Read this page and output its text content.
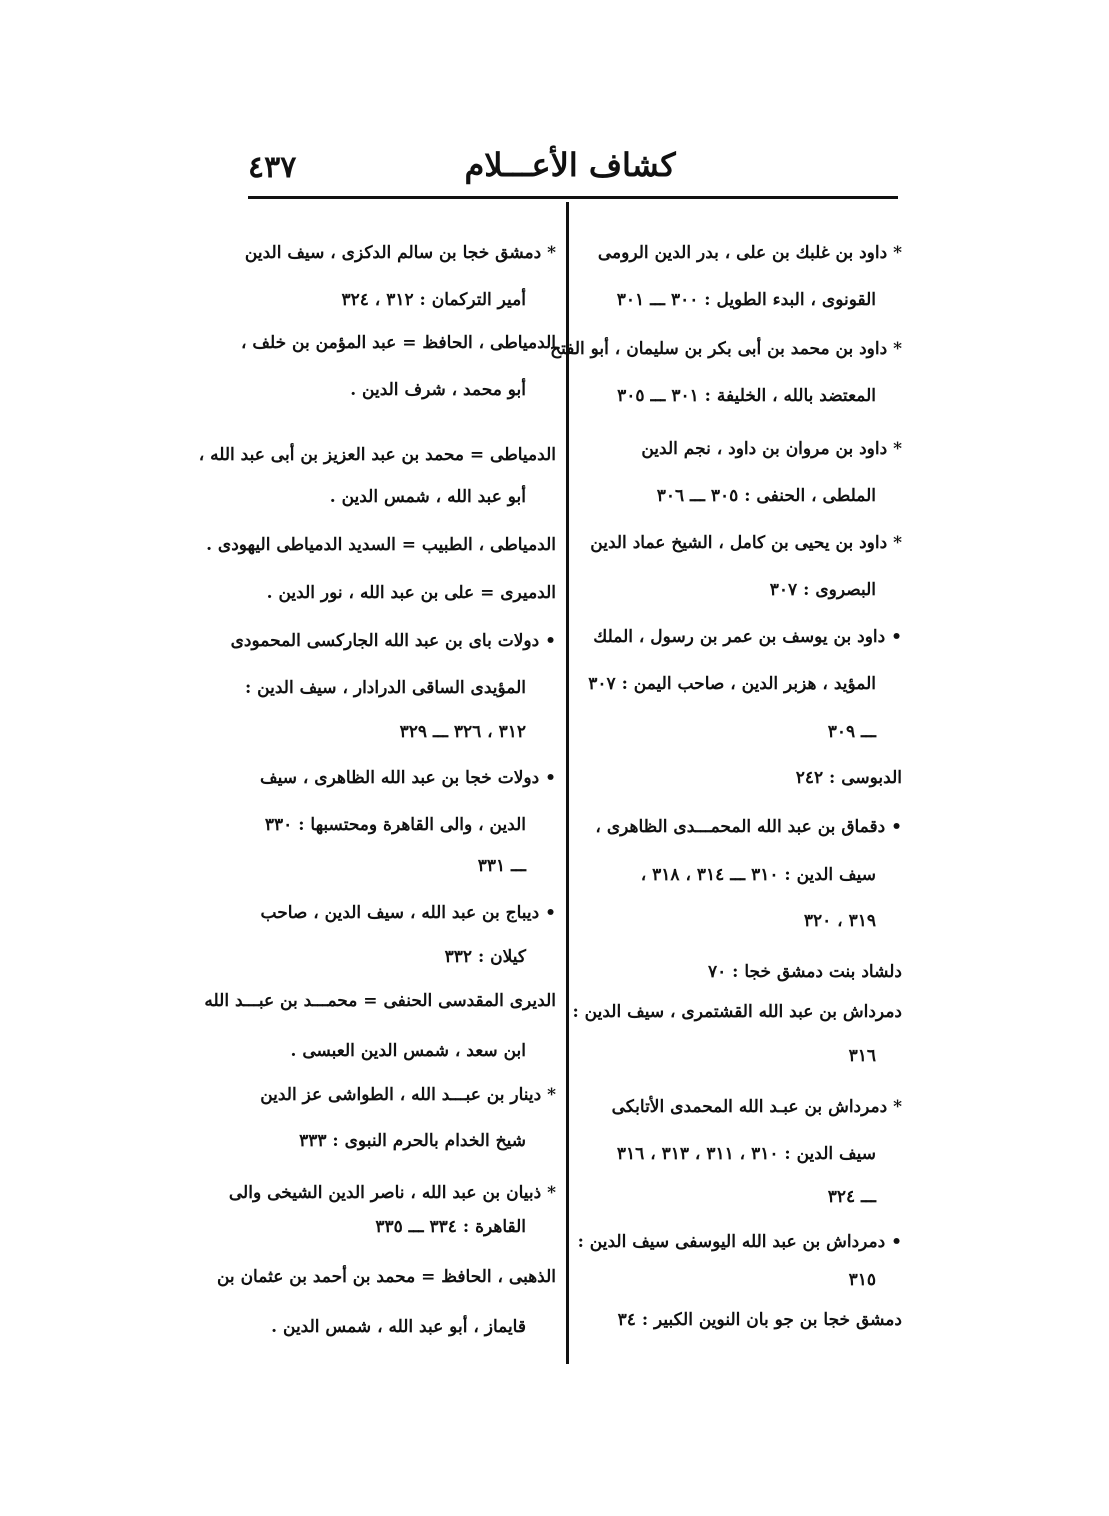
٤٣٧	كشاف الأعـــلام
* داود بن غلبك بن على ، بدر الدين الرومى
القونوى ، البدء الطويل : ٣٠٠ ـــ ٣٠١
* داود بن محمد بن أبى بكر بن سليمان ، أبو الفتح
المعتضد بالله ، الخليفة : ٣٠١ ـــ ٣٠٥
* داود بن مروان بن داود ، نجم الدين
الملطى ، الحنفى : ٣٠٥ ـــ ٣٠٦
* داود بن يحيى بن كامل ، الشيخ عماد الدين
البصروى : ٣٠٧
• داود بن يوسف بن عمر بن رسول ، الملك
المؤيد ، هزبر الدين ، صاحب اليمن : ٣٠٧
ـــ ٣٠٩
الدبوسى : ٢٤٢
• دقماق بن عبد الله المحمـــدى الظاهرى ،
سيف الدين : ٣١٠ ـــ ٣١٤ ، ٣١٨ ،
٣١٩ ، ٣٢٠
دلشاد بنت دمشق خجا : ٧٠
دمرداش بن عبد الله القشتمرى ، سيف الدين :
٣١٦
* دمرداش بن عبـد الله المحمدى الأتابكى
سيف الدين : ٣١٠ ، ٣١١ ، ٣١٣ ، ٣١٦
ـــ ٣٢٤
• دمرداش بن عبد الله اليوسفى سيف الدين :
٣١٥
دمشق خجا بن جو بان النوين الكبير : ٣٤
* دمشق خجا بن سالم الدكزى ، سيف الدين
أمير التركمان : ٣١٢ ، ٣٢٤
الدمياطى ، الحافظ = عبد المؤمن بن خلف ،
أبو محمد ، شرف الدين .
الدمياطى = محمد بن عبد العزيز بن أبى عبد الله ،
أبو عبد الله ، شمس الدين .
الدمياطى ، الطبيب = السديد الدمياطى اليهودى .
الدميرى = على بن عبد الله ، نور الدين .
• دولات باى بن عبد الله الجاركسى المحمودى
المؤيدى الساقى الدرادار ، سيف الدين :
٣١٢ ، ٣٢٦ ـــ ٣٢٩
• دولات خجا بن عبد الله الظاهرى ، سيف
الدين ، والى القاهرة ومحتسبها : ٣٣٠
ـــ ٣٣١
• ديباج بن عبد الله ، سيف الدين ، صاحب
كيلان : ٣٣٢
الديرى المقدسى الحنفى = محمـــد بن عبـــد الله
ابن سعد ، شمس الدين العبسى .
* دينار بن عبـــد الله ، الطواشى عز الدين
شيخ الخدام بالحرم النبوى : ٣٣٣
* ذبيان بن عبد الله ، ناصر الدين الشيخى والى
القاهرة : ٣٣٤ ـــ ٣٣٥
الذهبى ، الحافظ = محمد بن أحمد بن عثمان بن
قايماز ، أبو عبد الله ، شمس الدين .
